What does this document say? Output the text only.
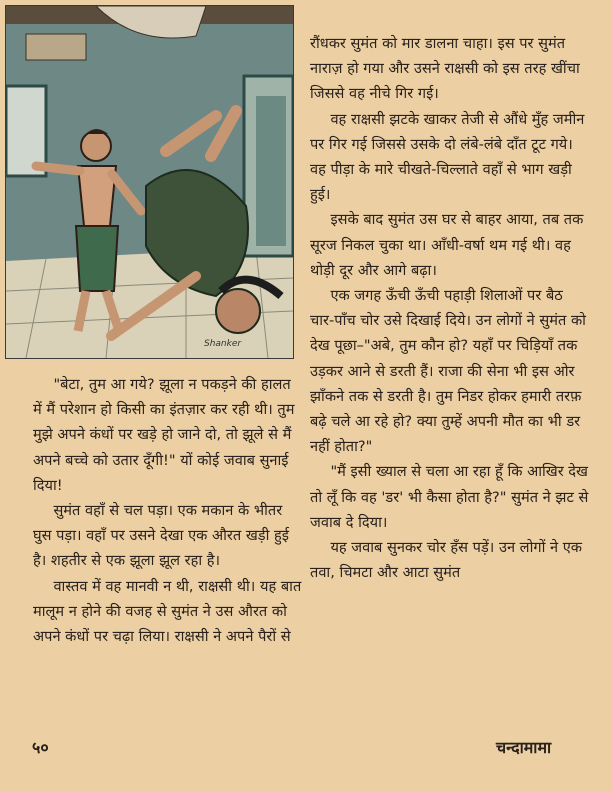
Shanker

रौंधकर सुमंत को मार डालना चाहा। इस पर सुमंत नाराज़ हो गया और उसने राक्षसी को इस तरह खींचा जिससे वह नीचे गिर गई।

वह राक्षसी झटके खाकर तेजी से औंधे मुँह जमीन पर गिर गई जिससे उसके दो लंबे-लंबे दाँत टूट गये। वह पीड़ा के मारे चीखते-चिल्लाते वहाँ से भाग खड़ी हुई।

इसके बाद सुमंत उस घर से बाहर आया, तब तक सूरज निकल चुका था। आँधी-वर्षा थम गई थी। वह थोड़ी दूर और आगे बढ़ा।

एक जगह ऊँची ऊँची पहाड़ी शिलाओं पर बैठ चार-पाँच चोर उसे दिखाई दिये। उन लोगों ने सुमंत को देख पूछा–"अबे, तुम कौन हो? यहाँ पर चिड़ियाँ तक उड़कर आने से डरती हैं। राजा की सेना भी इस ओर झाँकने तक से डरती है। तुम निडर होकर हमारी तरफ़ बढ़े चले आ रहे हो? क्या तुम्हें अपनी मौत का भी डर नहीं होता?"

"मैं इसी ख्याल से चला आ रहा हूँ कि आखिर देख तो लूँ कि वह 'डर' भी कैसा होता है?" सुमंत ने झट से जवाब दे दिया।

यह जवाब सुनकर चोर हँस पड़ें। उन लोगों ने एक तवा, चिमटा और आटा सुमंत

"बेटा, तुम आ गये? झूला न पकड़ने की हालत में मैं परेशान हो किसी का इंतज़ार कर रही थी। तुम मुझे अपने कंधों पर खड़े हो जाने दो, तो झूले से मैं अपने बच्चे को उतार दूँगी!" यों कोई जवाब सुनाई दिया!

सुमंत वहाँ से चल पड़ा। एक मकान के भीतर घुस पड़ा। वहाँ पर उसने देखा एक औरत खड़ी हुई है। शहतीर से एक झूला झूल रहा है।

वास्तव में वह मानवी न थी, राक्षसी थी। यह बात मालूम न होने की वजह से सुमंत ने उस औरत को अपने कंधों पर चढ़ा लिया। राक्षसी ने अपने पैरों से

५०	चन्दामामा
